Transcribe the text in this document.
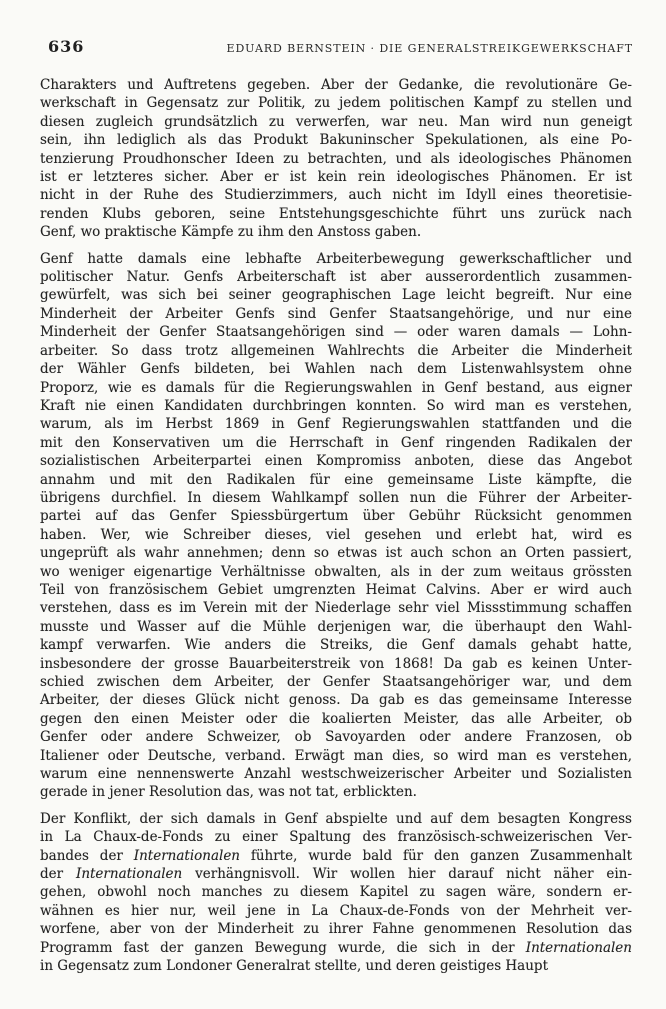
636	EDUARD BERNSTEIN · DIE GENERALSTREIKGEWERKSCHAFT
Charakters und Auftretens gegeben. Aber der Gedanke, die revolutionäre Ge-
werkschaft in Gegensatz zur Politik, zu jedem politischen Kampf zu stellen und
diesen zugleich grundsätzlich zu verwerfen, war neu. Man wird nun geneigt
sein, ihn lediglich als das Produkt Bakuninscher Spekulationen, als eine Po-
tenzierung Proudhonscher Ideen zu betrachten, und als ideologisches Phänomen
ist er letzteres sicher. Aber er ist kein rein ideologisches Phänomen. Er ist
nicht in der Ruhe des Studierzimmers, auch nicht im Idyll eines theoretisie-
renden Klubs geboren, seine Entstehungsgeschichte führt uns zurück nach
Genf, wo praktische Kämpfe zu ihm den Anstoss gaben.
Genf hatte damals eine lebhafte Arbeiterbewegung gewerkschaftlicher und
politischer Natur. Genfs Arbeiterschaft ist aber ausserordentlich zusammen-
gewürfelt, was sich bei seiner geographischen Lage leicht begreift. Nur eine
Minderheit der Arbeiter Genfs sind Genfer Staatsangehörige, und nur eine
Minderheit der Genfer Staatsangehörigen sind — oder waren damals — Lohn-
arbeiter. So dass trotz allgemeinen Wahlrechts die Arbeiter die Minderheit
der Wähler Genfs bildeten, bei Wahlen nach dem Listenwahlsystem ohne
Proporz, wie es damals für die Regierungswahlen in Genf bestand, aus eigner
Kraft nie einen Kandidaten durchbringen konnten. So wird man es verstehen,
warum, als im Herbst 1869 in Genf Regierungswahlen stattfanden und die
mit den Konservativen um die Herrschaft in Genf ringenden Radikalen der
sozialistischen Arbeiterpartei einen Kompromiss anboten, diese das Angebot
annahm und mit den Radikalen für eine gemeinsame Liste kämpfte, die
übrigens durchfiel. In diesem Wahlkampf sollen nun die Führer der Arbeiter-
partei auf das Genfer Spiessbürgertum über Gebühr Rücksicht genommen
haben. Wer, wie Schreiber dieses, viel gesehen und erlebt hat, wird es
ungeprüft als wahr annehmen; denn so etwas ist auch schon an Orten passiert,
wo weniger eigenartige Verhältnisse obwalten, als in der zum weitaus grössten
Teil von französischem Gebiet umgrenzten Heimat Calvins. Aber er wird auch
verstehen, dass es im Verein mit der Niederlage sehr viel Missstimmung schaffen
musste und Wasser auf die Mühle derjenigen war, die überhaupt den Wahl-
kampf verwarfen. Wie anders die Streiks, die Genf damals gehabt hatte,
insbesondere der grosse Bauarbeiterstreik von 1868! Da gab es keinen Unter-
schied zwischen dem Arbeiter, der Genfer Staatsangehöriger war, und dem
Arbeiter, der dieses Glück nicht genoss. Da gab es das gemeinsame Interesse
gegen den einen Meister oder die koalierten Meister, das alle Arbeiter, ob
Genfer oder andere Schweizer, ob Savoyarden oder andere Franzosen, ob
Italiener oder Deutsche, verband. Erwägt man dies, so wird man es verstehen,
warum eine nennenswerte Anzahl westschweizerischer Arbeiter und Sozialisten
gerade in jener Resolution das, was not tat, erblickten.
Der Konflikt, der sich damals in Genf abspielte und auf dem besagten Kongress
in La Chaux-de-Fonds zu einer Spaltung des französisch-schweizerischen Ver-
bandes der Internationalen führte, wurde bald für den ganzen Zusammenhalt
der Internationalen verhängnisvoll. Wir wollen hier darauf nicht näher ein-
gehen, obwohl noch manches zu diesem Kapitel zu sagen wäre, sondern er-
wähnen es hier nur, weil jene in La Chaux-de-Fonds von der Mehrheit ver-
worfene, aber von der Minderheit zu ihrer Fahne genommenen Resolution das
Programm fast der ganzen Bewegung wurde, die sich in der Internationalen
in Gegensatz zum Londoner Generalrat stellte, und deren geistiges Haupt
